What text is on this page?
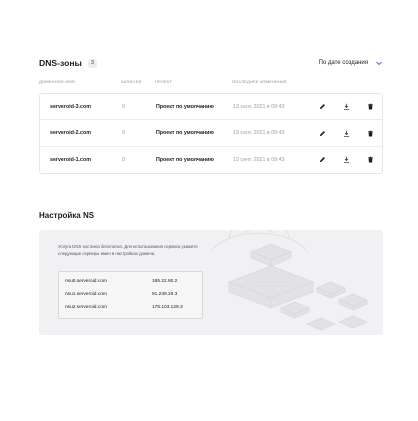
DNS-зоны	3	По дате создания
ДОМЕННОЕ ИМЯ	ЗАПИСЕЙ	ПРОЕКТ	ПОСЛЕДНЕЕ ИЗМЕНЕНИЕ
serveroid-3.com	0	Проект по умолчанию	13 сент. 2021 в 09:43
serveroid-2.com	0	Проект по умолчанию	13 сент. 2021 в 09:43
serveroid-1.com	0	Проект по умолчанию	13 сент. 2021 в 09:43
Настройка NS
Услуга DNS хостинга бесплатна. Для использования сервиса укажите
следующие серверы имен в настройках домена.
nsu0.serveroid.com	185.22.60.2
nsu1.serveroid.com	91.239.26.3
nsu2.serveroid.com	176.103.129.3
